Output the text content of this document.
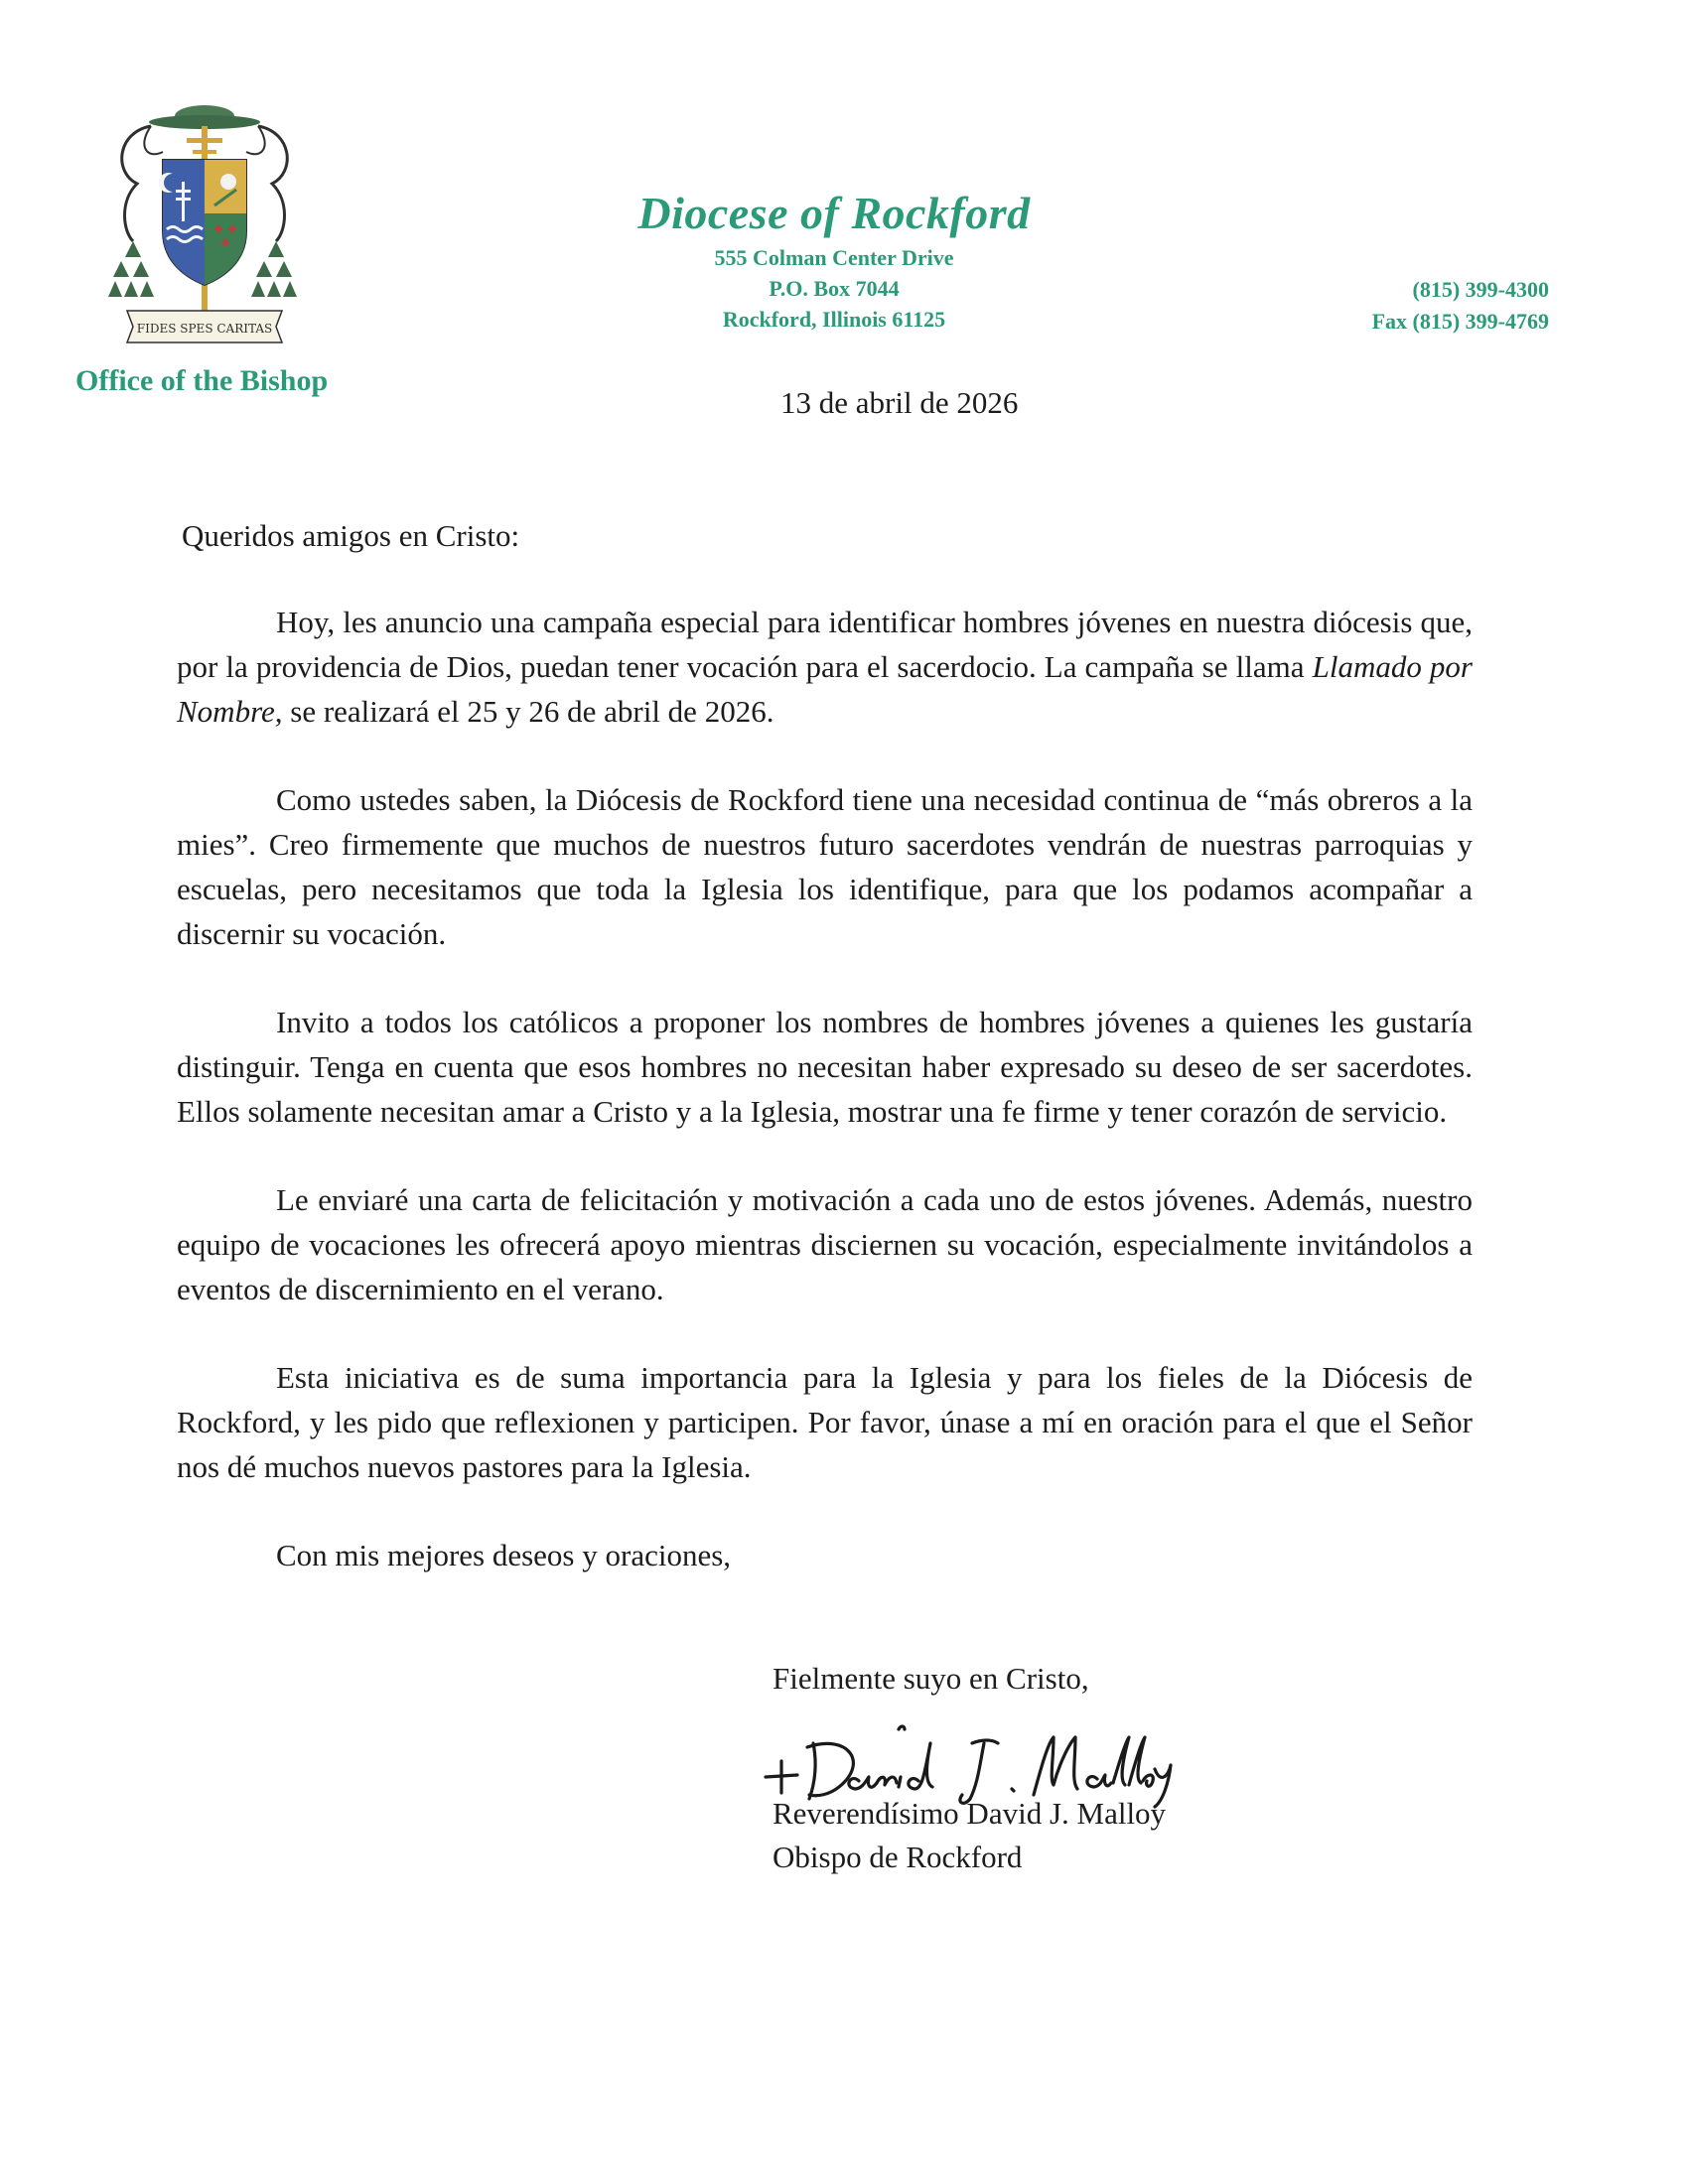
FIDES SPES CARITAS
Office of the Bishop
Diocese of Rockford
555 Colman Center Drive
P.O. Box 7044
Rockford, Illinois 61125
(815) 399-4300
Fax (815) 399-4769
13 de abril de 2026
Queridos amigos en Cristo:

Hoy, les anuncio una campaña especial para identificar hombres jóvenes en nuestra diócesis que, por la providencia de Dios, puedan tener vocación para el sacerdocio. La campaña se llama Llamado por Nombre, se realizará el 25 y 26 de abril de 2026.

Como ustedes saben, la Diócesis de Rockford tiene una necesidad continua de “más obreros a la mies”. Creo firmemente que muchos de nuestros futuro sacerdotes vendrán de nuestras parroquias y escuelas, pero necesitamos que toda la Iglesia los identifique, para que los podamos acompañar a discernir su vocación.

Invito a todos los católicos a proponer los nombres de hombres jóvenes a quienes les gustaría distinguir. Tenga en cuenta que esos hombres no necesitan haber expresado su deseo de ser sacerdotes. Ellos solamente necesitan amar a Cristo y a la Iglesia, mostrar una fe firme y tener corazón de servicio.

Le enviaré una carta de felicitación y motivación a cada uno de estos jóvenes. Además, nuestro equipo de vocaciones les ofrecerá apoyo mientras disciernen su vocación, especialmente invitándolos a eventos de discernimiento en el verano.

Esta iniciativa es de suma importancia para la Iglesia y para los fieles de la Diócesis de Rockford, y les pido que reflexionen y participen. Por favor, únase a mí en oración para el que el Señor nos dé muchos nuevos pastores para la Iglesia.

Con mis mejores deseos y oraciones,

Fielmente suyo en Cristo,
Reverendísimo David J. Malloy
Obispo de Rockford
